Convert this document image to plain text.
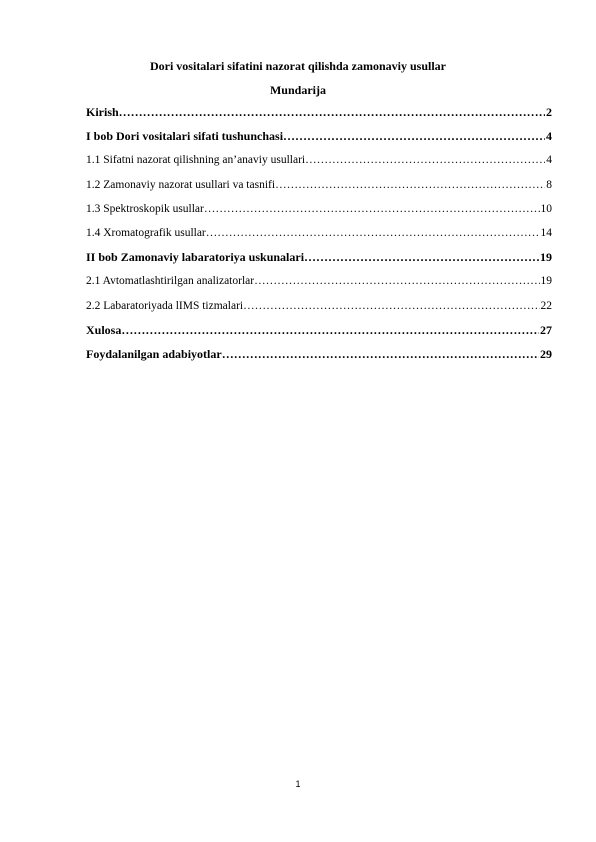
Dori vositalari sifatini nazorat qilishda zamonaviy usullar
Mundarija
Kirish ……………………………………………………………………………………………………………………………………………	2
I bob Dori vositalari sifati tushunchasi ……………………………………………………………………………………………………………………………………………	4
1.1 Sifatni nazorat qilishning an’anaviy usullari ……………………………………………………………………………………………………………………………………………	4
1.2 Zamonaviy nazorat usullari va tasnifi ……………………………………………………………………………………………………………………………………………	8
1.3 Spektroskopik usullar ……………………………………………………………………………………………………………………………………………	10
1.4 Xromatografik usullar ……………………………………………………………………………………………………………………………………………	14
II bob Zamonaviy labaratoriya uskunalari ……………………………………………………………………………………………………………………………………………	19
2.1 Avtomatlashtirilgan analizatorlar ……………………………………………………………………………………………………………………………………………	19
2.2 Labaratoriyada lIMS tizmalari ……………………………………………………………………………………………………………………………………………	22
Xulosa ……………………………………………………………………………………………………………………………………………	27
Foydalanilgan adabiyotlar ……………………………………………………………………………………………………………………………………………	29
1
